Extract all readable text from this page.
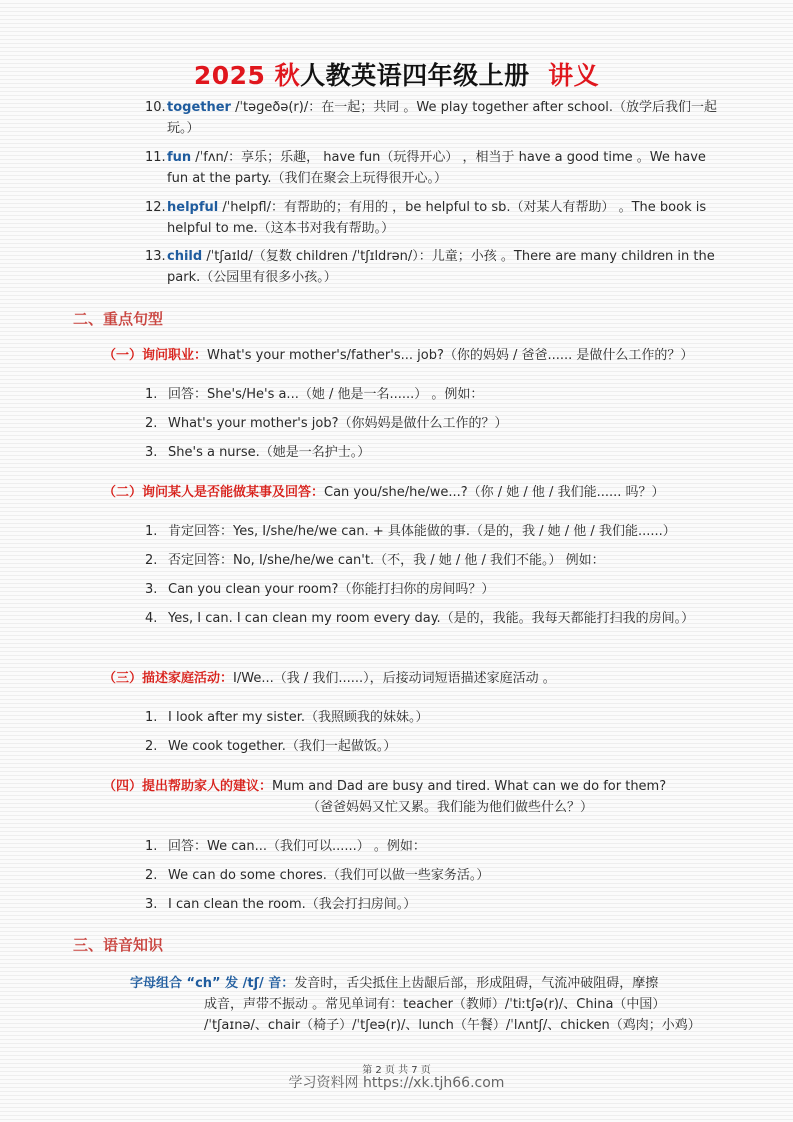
2025 秋人教英语四年级上册 讲义
10. together /ˈtəɡeðə(r)/：在一起；共同 。We play together after school.（放学后我们一起玩。）
11. fun /ˈfʌn/：享乐；乐趣， have fun（玩得开心） ，相当于 have a good time 。We have fun at the party.（我们在聚会上玩得很开心。）
12. helpful /ˈhelpfl/：有帮助的；有用的 ，be helpful to sb.（对某人有帮助） 。The book is helpful to me.（这本书对我有帮助。）
13. child /ˈtʃaɪld/（复数 children /ˈtʃɪldrən/）：儿童；小孩 。There are many children in the park.（公园里有很多小孩。）
二、重点句型
（一）询问职业：What's your mother's/father's... job?（你的妈妈 / 爸爸...... 是做什么工作的？）
1. 回答：She's/He's a...（她 / 他是一名......） 。例如：
2. What's your mother's job?（你妈妈是做什么工作的？）
3. She's a nurse.（她是一名护士。）
（二）询问某人是否能做某事及回答：Can you/she/he/we...?（你 / 她 / 他 / 我们能...... 吗？）
1. 肯定回答：Yes, I/she/he/we can. + 具体能做的事.（是的，我 / 她 / 他 / 我们能......）
2. 否定回答：No, I/she/he/we can't.（不，我 / 她 / 他 / 我们不能。） 例如：
3. Can you clean your room?（你能打扫你的房间吗？）
4. Yes, I can. I can clean my room every day.（是的，我能。我每天都能打扫我的房间。）
（三）描述家庭活动：I/We...（我 / 我们......），后接动词短语描述家庭活动 。
1. I look after my sister.（我照顾我的妹妹。）
2. We cook together.（我们一起做饭。）
（四）提出帮助家人的建议：Mum and Dad are busy and tired. What can we do for them?
（爸爸妈妈又忙又累。我们能为他们做些什么？）
1. 回答：We can...（我们可以......） 。例如：
2. We can do some chores.（我们可以做一些家务活。）
3. I can clean the room.（我会打扫房间。）
三、语音知识
字母组合 “ch” 发 /tʃ/ 音：发音时，舌尖抵住上齿龈后部，形成阻碍，气流冲破阻碍，摩擦
成音，声带不振动 。常见单词有：teacher（教师）/ˈtiːtʃə(r)/、China（中国）
/ˈtʃaɪnə/、chair（椅子）/ˈtʃeə(r)/、lunch（午餐）/ˈlʌntʃ/、chicken（鸡肉；小鸡）
第 2 页 共 7 页
学习资料网 https://xk.tjh66.com
